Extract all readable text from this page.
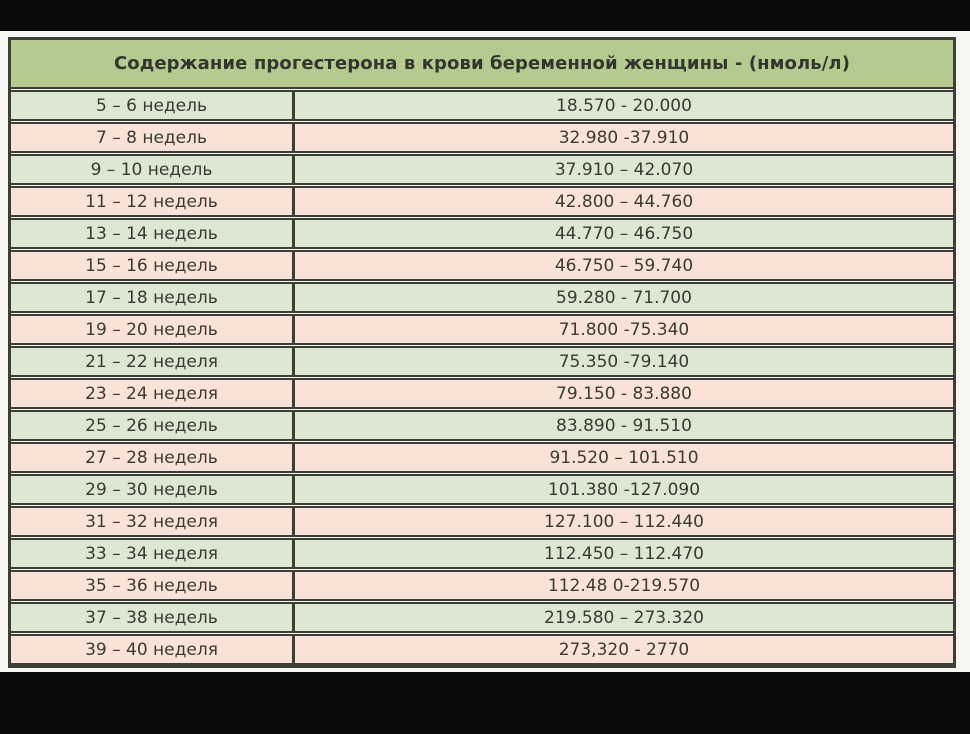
Содержание прогестерона в крови беременной женщины - (нмоль/л)
5 – 6 недель	18.570 - 20.000
7 – 8 недель	32.980 -37.910
9 – 10 недель	37.910 – 42.070
11 – 12 недель	42.800 – 44.760
13 – 14 недель	44.770 – 46.750
15 – 16 недель	46.750 – 59.740
17 – 18 недель	59.280 - 71.700
19 – 20 недель	71.800 -75.340
21 – 22 неделя	75.350 -79.140
23 – 24 неделя	79.150 - 83.880
25 – 26 недель	83.890 - 91.510
27 – 28 недель	91.520 – 101.510
29 – 30 недель	101.380 -127.090
31 – 32 неделя	127.100 – 112.440
33 – 34 неделя	112.450 – 112.470
35 – 36 недель	112.48 0-219.570
37 – 38 недель	219.580 – 273.320
39 – 40 неделя	273,320 - 2770
